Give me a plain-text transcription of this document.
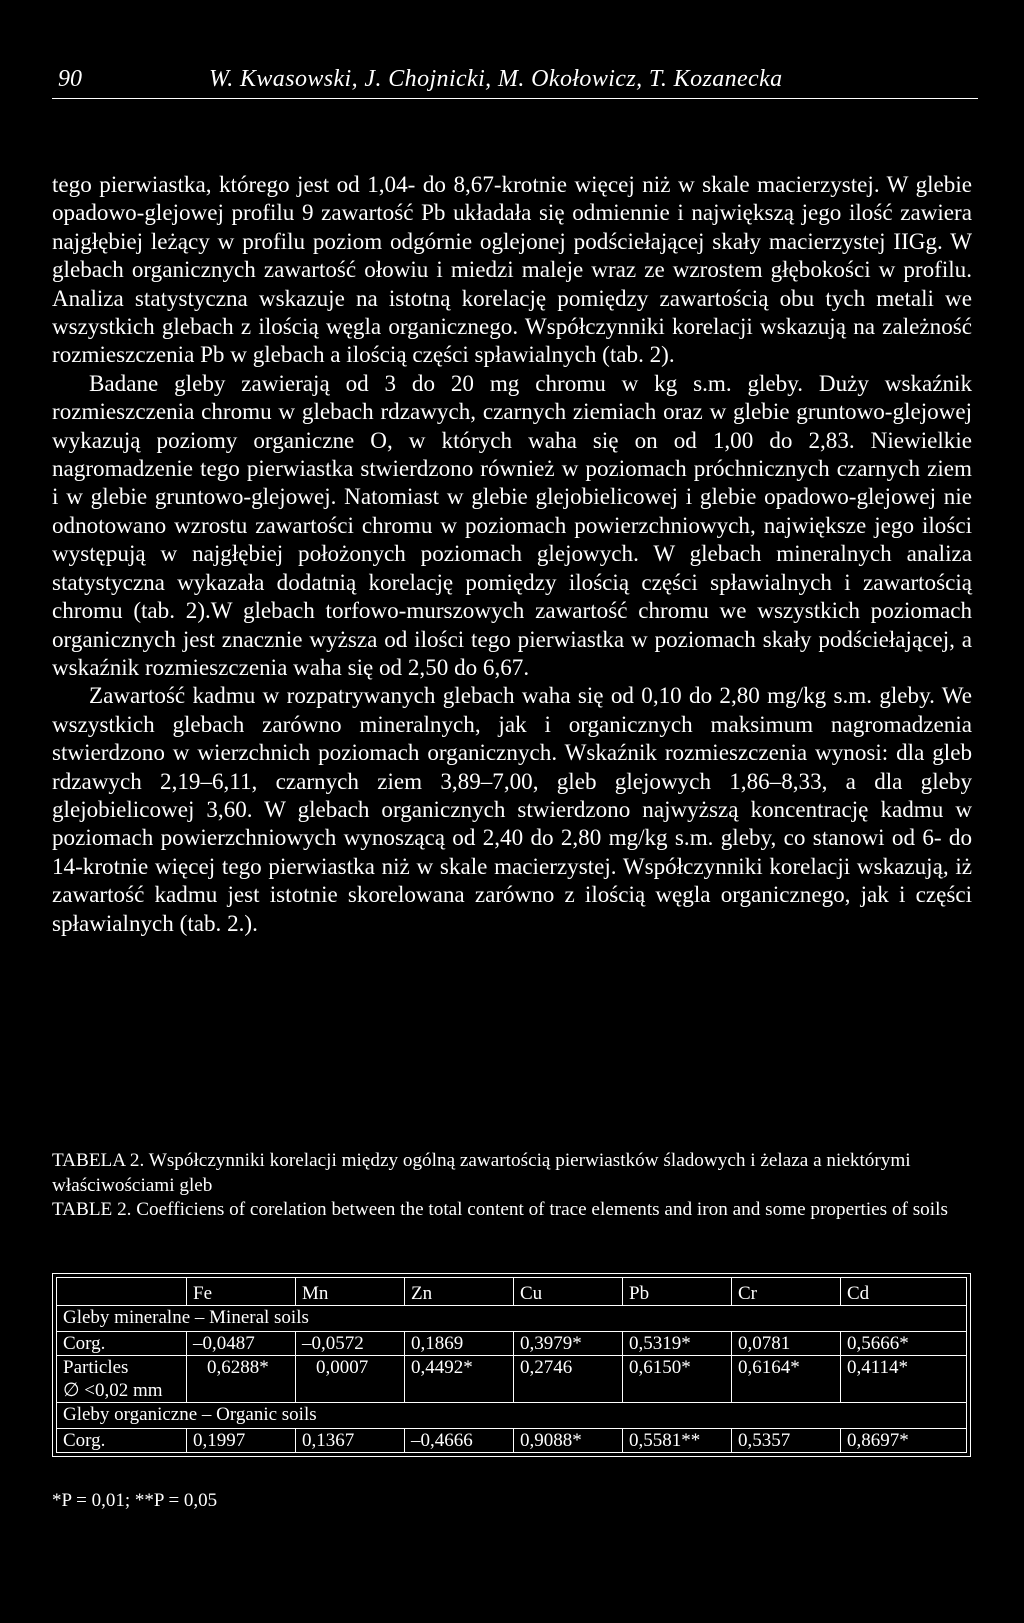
90	W. Kwasowski, J. Chojnicki, M. Okołowicz, T. Kozanecka

tego pierwiastka, którego jest od 1,04- do 8,67-krotnie więcej niż w skale macierzystej. W glebie opadowo-glejowej profilu 9 zawartość Pb układała się odmiennie i największą jego ilość zawiera najgłębiej leżący w profilu poziom odgórnie oglejonej podściełającej skały macierzystej IIGg. W glebach organicznych zawartość ołowiu i miedzi maleje wraz ze wzrostem głębokości w profilu. Analiza statystyczna wskazuje na istotną korelację pomiędzy zawartością obu tych metali we wszystkich glebach z ilością węgla organicznego. Współczynniki korelacji wskazują na zależność rozmieszczenia Pb w glebach a ilością części spławialnych (tab. 2).

Badane gleby zawierają od 3 do 20 mg chromu w kg s.m. gleby. Duży wskaźnik rozmieszczenia chromu w glebach rdzawych, czarnych ziemiach oraz w glebie gruntowo-glejowej wykazują poziomy organiczne O, w których waha się on od 1,00 do 2,83. Niewielkie nagromadzenie tego pierwiastka stwierdzono również w poziomach próchnicznych czarnych ziem i w glebie gruntowo-glejowej. Natomiast w glebie glejobielicowej i glebie opadowo-glejowej nie odnotowano wzrostu zawartości chromu w poziomach powierzchniowych, największe jego ilości występują w najgłębiej położonych poziomach glejowych. W glebach mineralnych analiza statystyczna wykazała dodatnią korelację pomiędzy ilością części spławialnych i zawartością chromu (tab. 2).W glebach torfowo-murszowych zawartość chromu we wszystkich poziomach organicznych jest znacznie wyższa od ilości tego pierwiastka w poziomach skały podściełającej, a wskaźnik rozmieszczenia waha się od 2,50 do 6,67.

Zawartość kadmu w rozpatrywanych glebach waha się od 0,10 do 2,80 mg/kg s.m. gleby. We wszystkich glebach zarówno mineralnych, jak i organicznych maksimum nagromadzenia stwierdzono w wierzchnich poziomach organicznych. Wskaźnik rozmieszczenia wynosi: dla gleb rdzawych 2,19–6,11, czarnych ziem 3,89–7,00, gleb glejowych 1,86–8,33, a dla gleby glejobielicowej 3,60. W glebach organicznych stwierdzono najwyższą koncentrację kadmu w poziomach powierzchniowych wynoszącą od 2,40 do 2,80 mg/kg s.m. gleby, co stanowi od 6- do 14-krotnie więcej tego pierwiastka niż w skale macierzystej. Współczynniki korelacji wskazują, iż zawartość kadmu jest istotnie skorelowana zarówno z ilością węgla organicznego, jak i części spławialnych (tab. 2.).

TABELA 2. Współczynniki korelacji między ogólną zawartością pierwiastków śladowych i żelaza a niektórymi właściwościami gleb

TABLE 2. Coefficiens of corelation between the total content of trace elements and iron and some properties of soils

	Fe	Mn	Zn	Cu	Pb	Cr	Cd
Gleby mineralne – Mineral soils							
Corg.	–0,0487	–0,0572	0,1869	0,3979*	0,5319*	0,0781	0,5666*

Particles
∅ <0,02 mm	0,6288*	0,0007	0,4492*	0,2746	0,6150*	0,6164*	0,4114*
Gleby organiczne – Organic soils							
Corg.	0,1997	0,1367	–0,4666	0,9088*	0,5581**	0,5357	0,8697*
*P = 0,01; **P = 0,05
